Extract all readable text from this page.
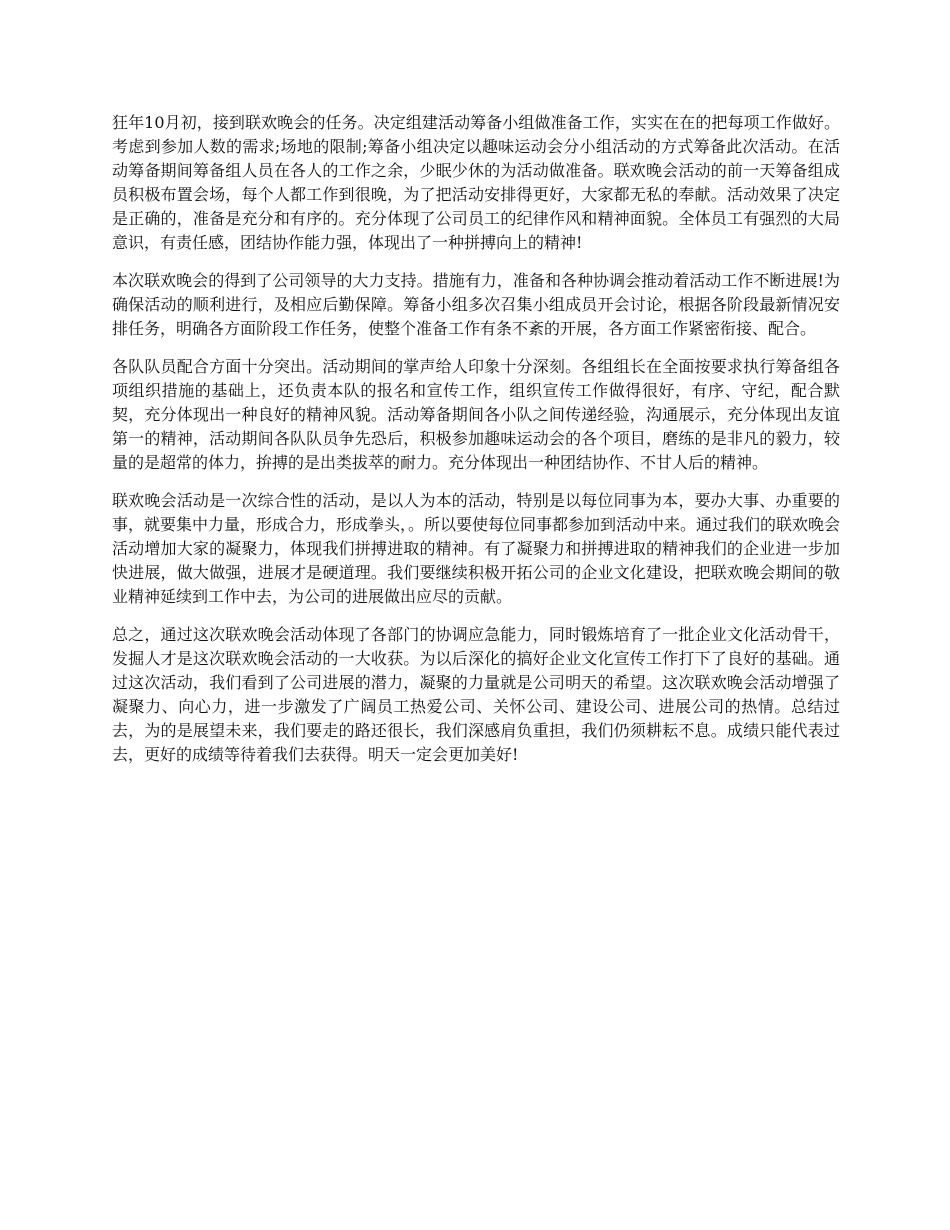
狂年10月初，接到联欢晚会的任务。决定组建活动筹备小组做准备工作，实实在在的把每项工作做好。考虑到参加人数的需求;场地的限制;筹备小组决定以趣味运动会分小组活动的方式筹备此次活动。在活动筹备期间筹备组人员在各人的工作之余，少眠少休的为活动做准备。联欢晚会活动的前一天筹备组成员积极布置会场，每个人都工作到很晚，为了把活动安排得更好，大家都无私的奉献。活动效果了决定是正确的，准备是充分和有序的。充分体现了公司员工的纪律作风和精神面貌。全体员工有强烈的大局意识，有责任感，团结协作能力强，体现出了一种拼搏向上的精神!

本次联欢晚会的得到了公司领导的大力支持。措施有力，准备和各种协调会推动着活动工作不断进展!为确保活动的顺利进行，及相应后勤保障。筹备小组多次召集小组成员开会讨论，根据各阶段最新情况安排任务，明确各方面阶段工作任务，使整个准备工作有条不紊的开展，各方面工作紧密衔接、配合。

各队队员配合方面十分突出。活动期间的掌声给人印象十分深刻。各组组长在全面按要求执行筹备组各项组织措施的基础上，还负责本队的报名和宣传工作，组织宣传工作做得很好，有序、守纪，配合默契，充分体现出一种良好的精神风貌。活动筹备期间各小队之间传递经验，沟通展示，充分体现出友谊第一的精神，活动期间各队队员争先恐后，积极参加趣味运动会的各个项目，磨练的是非凡的毅力，较量的是超常的体力，拚搏的是出类拔萃的耐力。充分体现出一种团结协作、不甘人后的精神。

联欢晚会活动是一次综合性的活动，是以人为本的活动，特别是以每位同事为本，要办大事、办重要的事，就要集中力量，形成合力，形成拳头，。所以要使每位同事都参加到活动中来。通过我们的联欢晚会活动增加大家的凝聚力，体现我们拼搏进取的精神。有了凝聚力和拼搏进取的精神我们的企业进一步加快进展，做大做强，进展才是硬道理。我们要继续积极开拓公司的企业文化建设，把联欢晚会期间的敬业精神延续到工作中去，为公司的进展做出应尽的贡献。

总之，通过这次联欢晚会活动体现了各部门的协调应急能力，同时锻炼培育了一批企业文化活动骨干，发掘人才是这次联欢晚会活动的一大收获。为以后深化的搞好企业文化宣传工作打下了良好的基础。通过这次活动，我们看到了公司进展的潜力，凝聚的力量就是公司明天的希望。这次联欢晚会活动增强了凝聚力、向心力，进一步激发了广阔员工热爱公司、关怀公司、建设公司、进展公司的热情。总结过去，为的是展望未来，我们要走的路还很长，我们深感肩负重担，我们仍须耕耘不息。成绩只能代表过去，更好的成绩等待着我们去获得。明天一定会更加美好!
